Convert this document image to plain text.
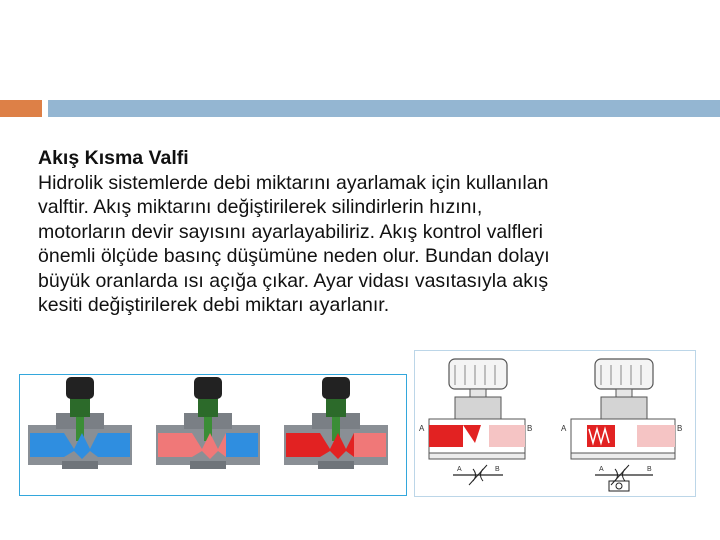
Akış Kısma Valfi
Hidrolik sistemlerde debi miktarını ayarlamak için kullanılan
valftir. Akış miktarını değiştirilerek silindirlerin hızını,
motorların devir sayısını ayarlayabiliriz. Akış kontrol valfleri
önemli ölçüde basınç düşümüne neden olur. Bundan dolayı
büyük oranlarda ısı açığa çıkar. Ayar vidası vasıtasıyla akış
kesiti değiştirilerek debi miktarı ayarlanır.
A	B
A	B
A	B
A	B
